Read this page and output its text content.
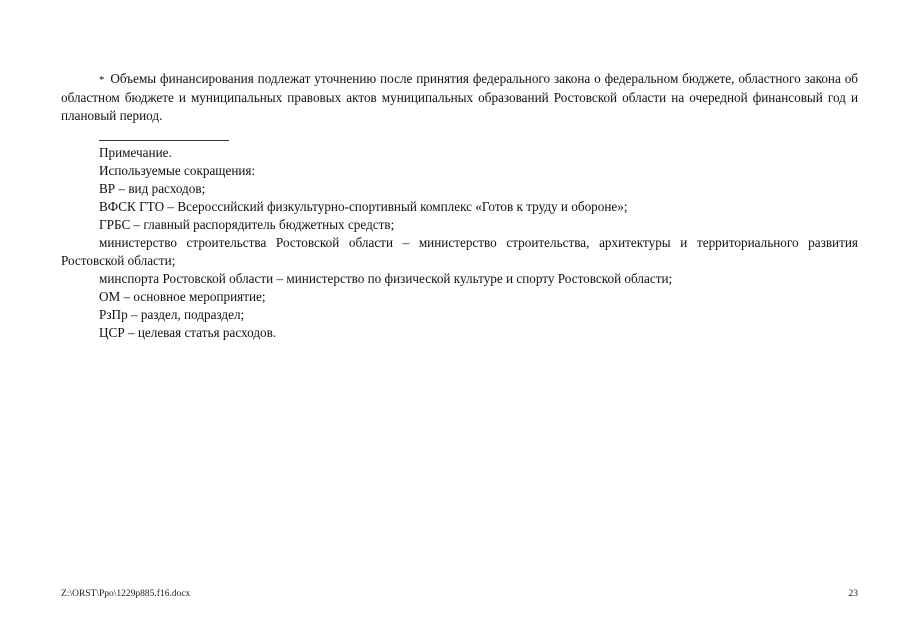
* Объемы финансирования подлежат уточнению после принятия федерального закона о федеральном бюджете, областного закона об областном бюджете и муниципальных правовых актов муниципальных образований Ростовской области на очередной финансовый год и плановый период.

Примечание.

Используемые сокращения:

ВР – вид расходов;

ВФСК ГТО – Всероссийский физкультурно-спортивный комплекс «Готов к труду и обороне»;

ГРБС – главный распорядитель бюджетных средств;

министерство строительства Ростовской области – министерство строительства, архитектуры и территориального развития Ростовской области;

минспорта Ростовской области – министерство по физической культуре и спорту Ростовской области;

ОМ – основное мероприятие;

РзПр – раздел, подраздел;

ЦСР – целевая статья расходов.

Z:\ORST\Ppo\1229p885.f16.docx	23
